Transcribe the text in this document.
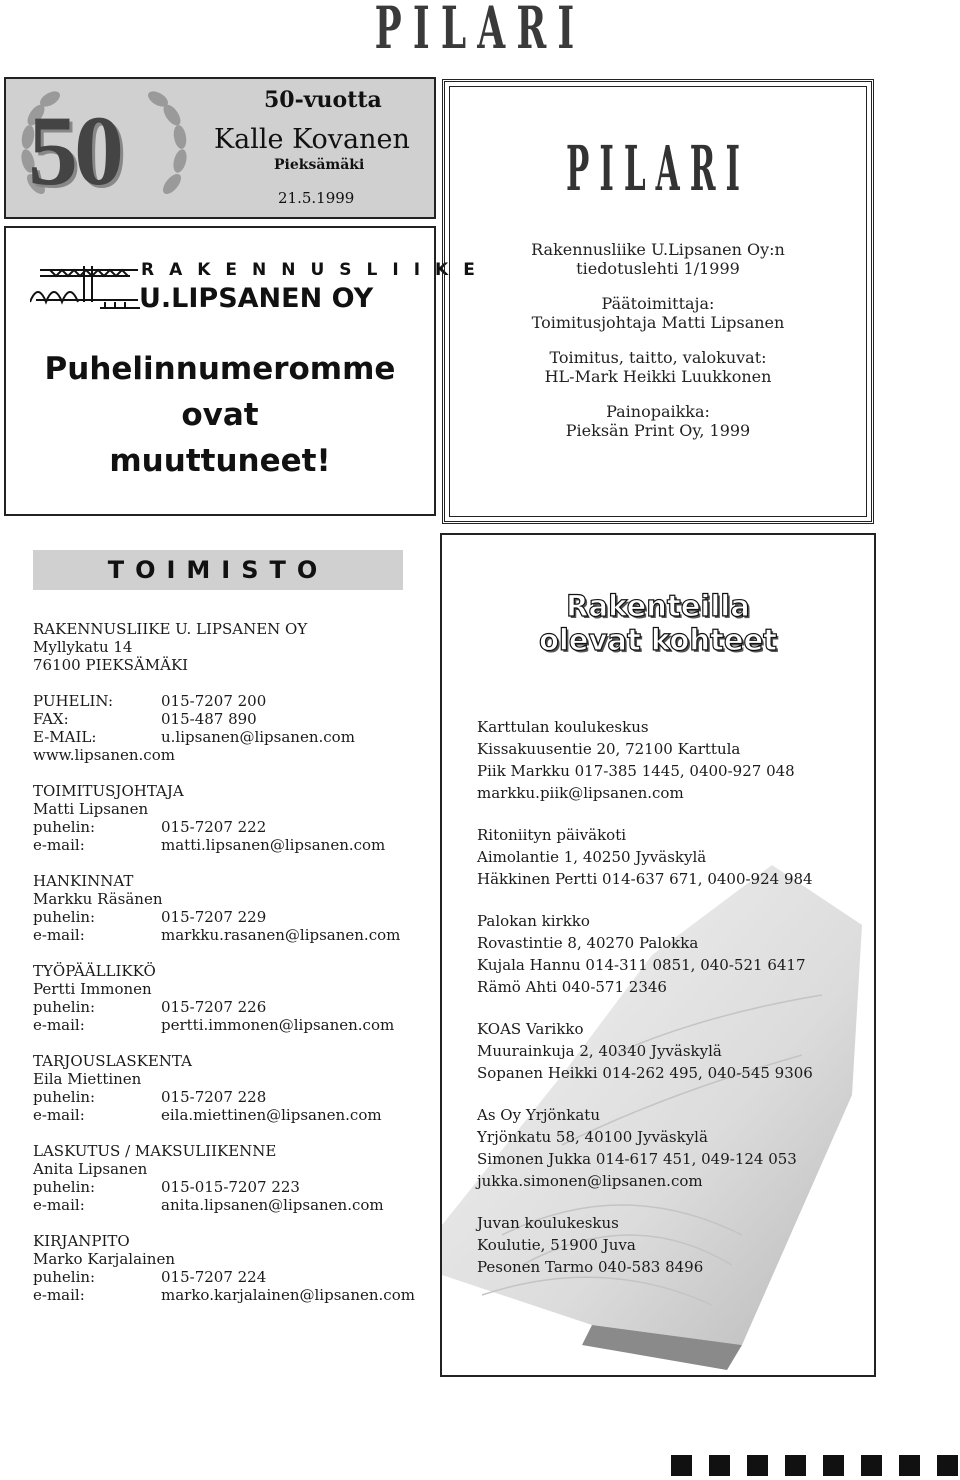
PILARI
50	50-vuotta
Kalle Kovanen
Pieksämäki
21.5.1999
RAKENNUSLIIKE
U.LIPSANEN OY
Puhelinnumeromme
ovat
muuttuneet!
PILARI

Rakennusliike U.Lipsanen Oy:n
tiedotuslehti 1/1999

Päätoimittaja:
Toimitusjohtaja Matti Lipsanen

Toimitus, taitto, valokuvat:
HL-Mark Heikki Luukkonen

Painopaikka:
Pieksän Print Oy, 1999

TOIMISTO
RAKENNUSLIIKE U. LIPSANEN OY
Myllykatu 14
76100 PIEKSÄMÄKI
PUHELIN:	015-7207 200
FAX:	015-487 890
E-MAIL:	u.lipsanen@lipsanen.com
www.lipsanen.com
TOIMITUSJOHTAJA
Matti Lipsanen
puhelin:	015-7207 222
e-mail:	matti.lipsanen@lipsanen.com
HANKINNAT
Markku Räsänen
puhelin:	015-7207 229
e-mail:	markku.rasanen@lipsanen.com
TYÖPÄÄLLIKKÖ
Pertti Immonen
puhelin:	015-7207 226
e-mail:	pertti.immonen@lipsanen.com
TARJOUSLASKENTA
Eila Miettinen
puhelin:	015-7207 228
e-mail:	eila.miettinen@lipsanen.com
LASKUTUS / MAKSULIIKENNE
Anita Lipsanen
puhelin:	015-015-7207 223
e-mail:	anita.lipsanen@lipsanen.com
KIRJANPITO
Marko Karjalainen
puhelin:	015-7207 224
e-mail:	marko.karjalainen@lipsanen.com
Rakenteilla
olevat kohteet
Karttulan koulukeskus
Kissakuusentie 20, 72100 Karttula
Piik Markku 017-385 1445, 0400-927 048
markku.piik@lipsanen.com
Ritoniityn päiväkoti
Aimolantie 1, 40250 Jyväskylä
Häkkinen Pertti 014-637 671, 0400-924 984
Palokan kirkko
Rovastintie 8, 40270 Palokka
Kujala Hannu 014-311 0851, 040-521 6417
Rämö Ahti 040-571 2346
KOAS Varikko
Muurainkuja 2, 40340 Jyväskylä
Sopanen Heikki 014-262 495, 040-545 9306
As Oy Yrjönkatu
Yrjönkatu 58, 40100 Jyväskylä
Simonen Jukka 014-617 451, 049-124 053
jukka.simonen@lipsanen.com
Juvan koulukeskus
Koulutie, 51900 Juva
Pesonen Tarmo 040-583 8496
